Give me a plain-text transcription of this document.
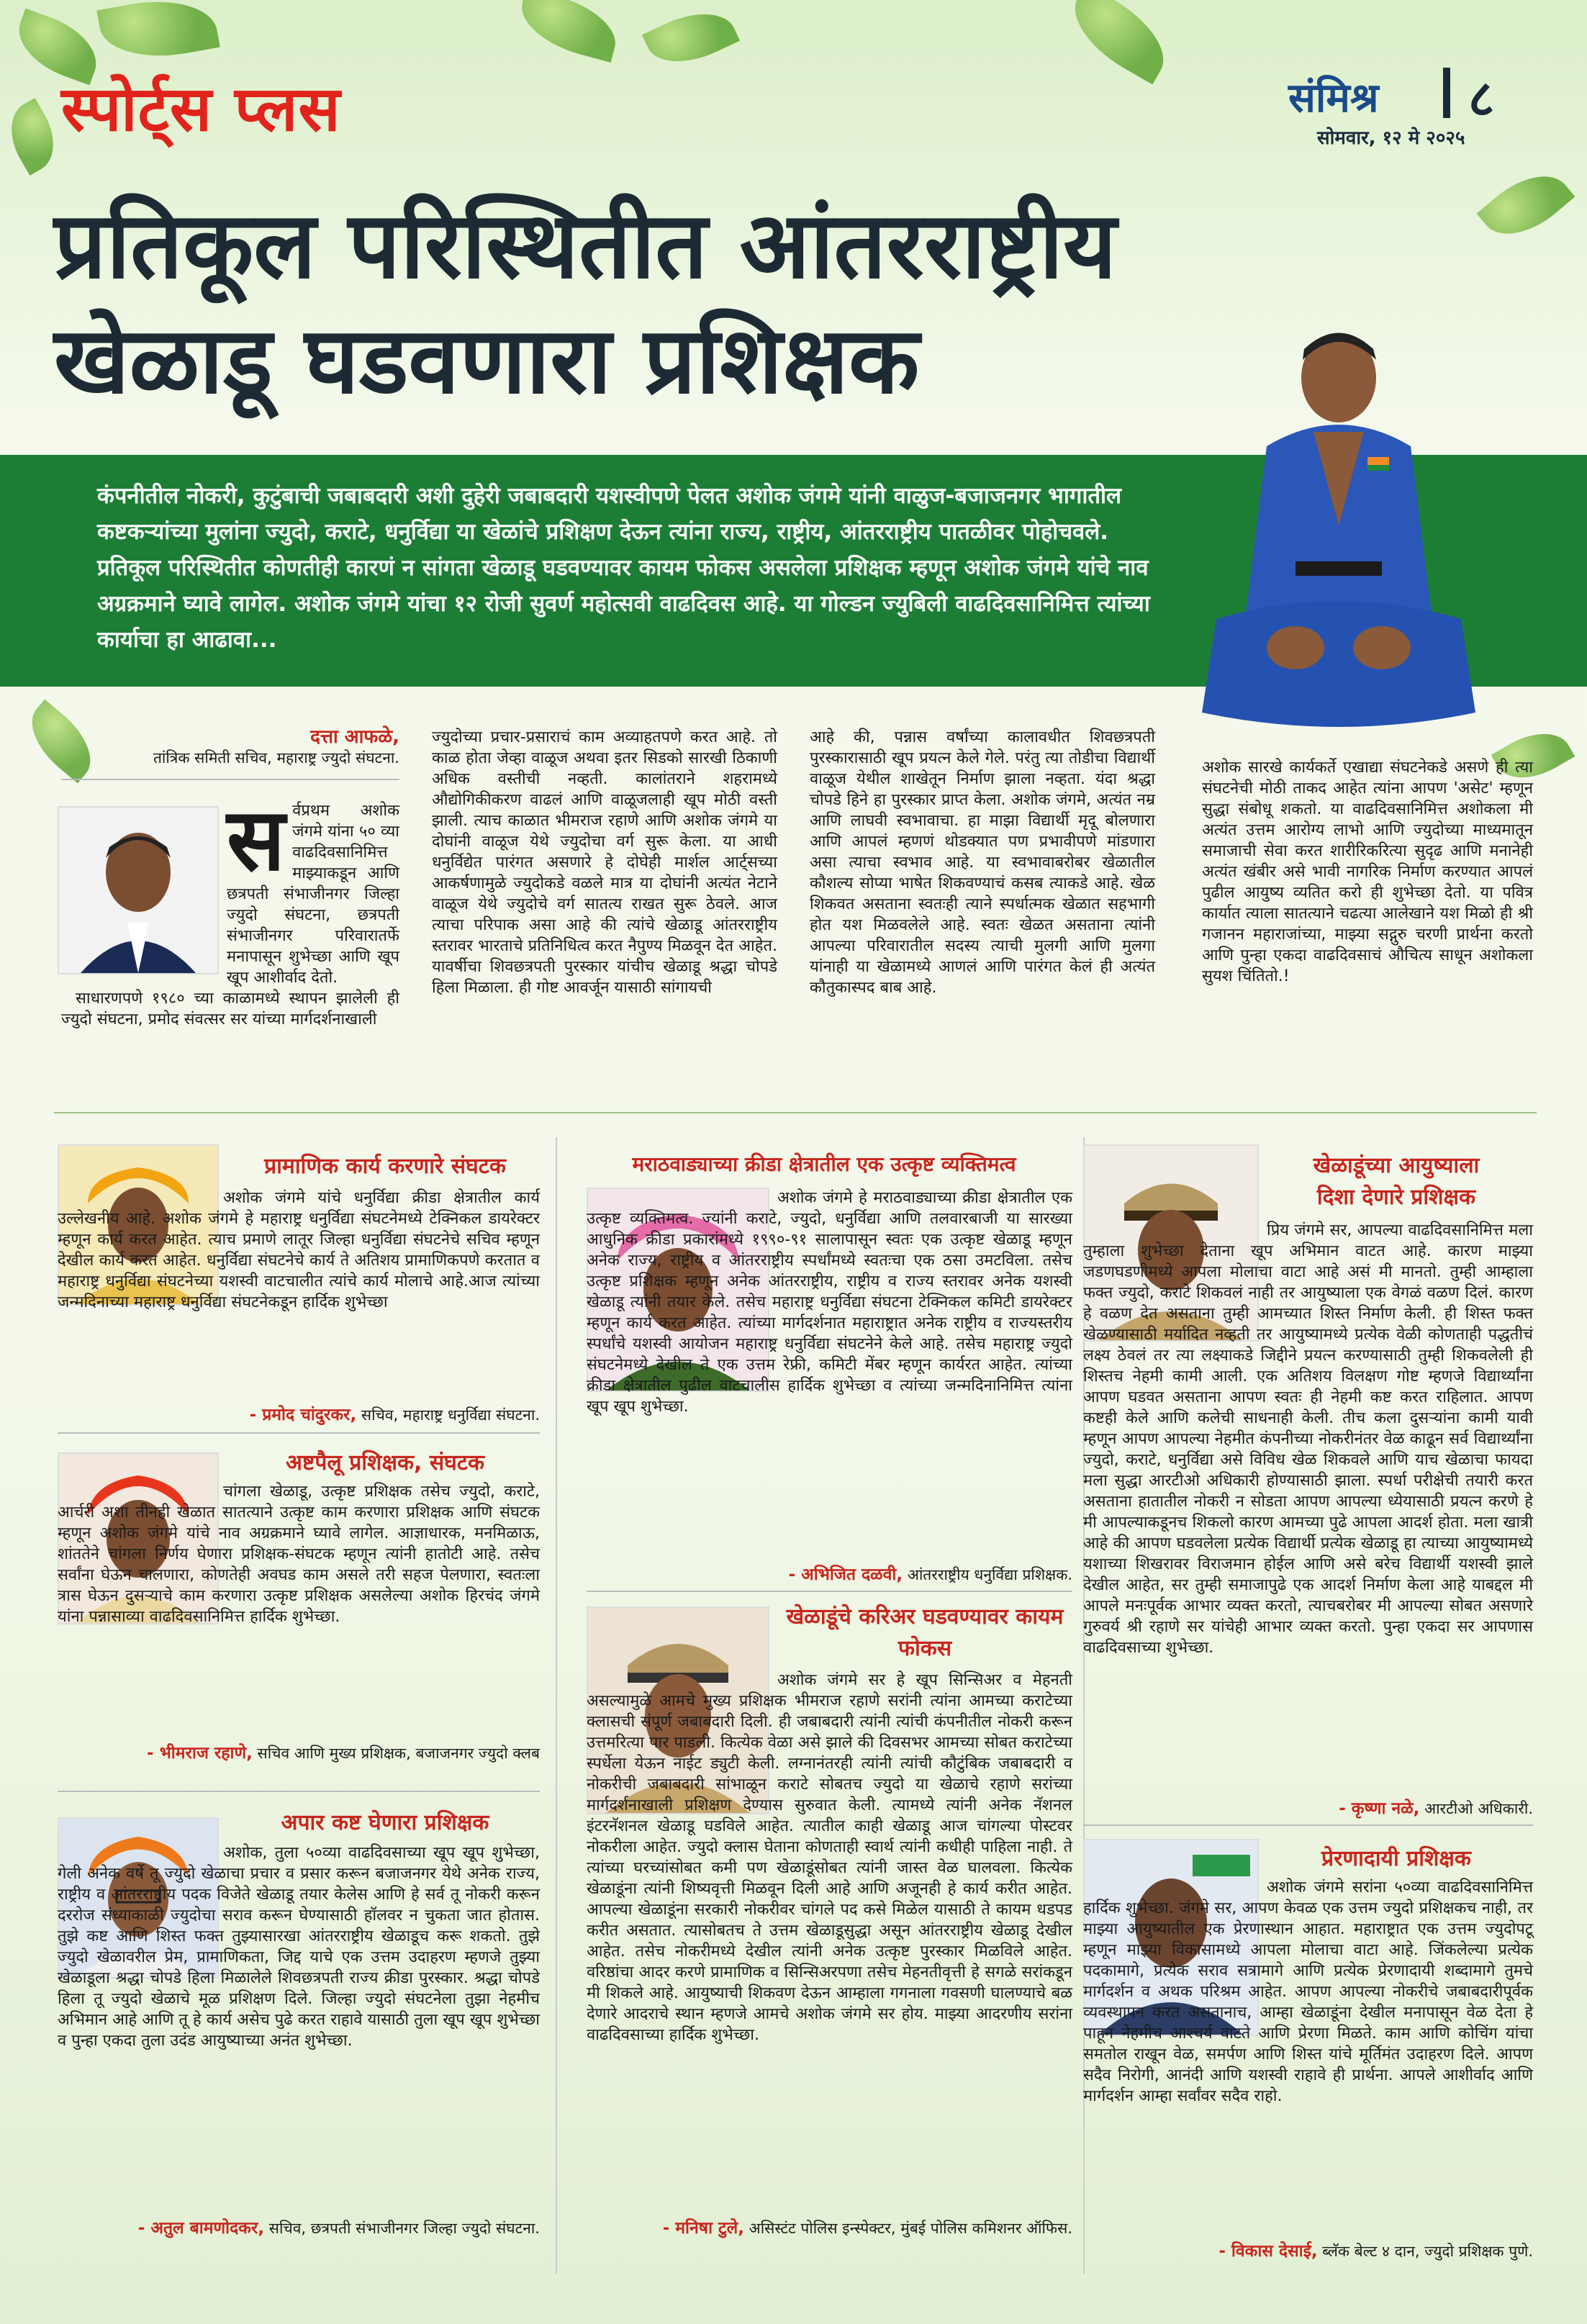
स्पोर्ट्स प्लस	संमिश्र ८
सोमवार, १२ मे २०२५
प्रतिकूल परिस्थितीत आंतरराष्ट्रीय
खेळाडू घडवणारा प्रशिक्षक
कंपनीतील नोकरी, कुटुंबाची जबाबदारी अशी दुहेरी जबाबदारी यशस्वीपणे पेलत अशोक जंगमे यांनी वाळुज-बजाजनगर भागातील कष्टकऱ्यांच्या मुलांना ज्युदो, कराटे, धनुर्विद्या या खेळांचे प्रशिक्षण देऊन त्यांना राज्य, राष्ट्रीय, आंतरराष्ट्रीय पातळीवर पोहोचवले. प्रतिकूल परिस्थितीत कोणतीही कारणं न सांगता खेळाडू घडवण्यावर कायम फोकस असलेला प्रशिक्षक म्हणून अशोक जंगमे यांचे नाव अग्रक्रमाने घ्यावे लागेल. अशोक जंगमे यांचा १२ रोजी सुवर्ण महोत्सवी वाढदिवस आहे. या गोल्डन ज्युबिली वाढदिवसानिमित्त त्यांच्या कार्याचा हा आढावा...
दत्ता आफळे,
तांत्रिक समिती सचिव, महाराष्ट्र ज्युदो संघटना.
स र्वप्रथम अशोक जंगमे यांना ५० व्या वाढदिवसानिमित्त माझ्याकडून आणि छत्रपती संभाजीनगर जिल्हा ज्युदो संघटना, छत्रपती संभाजीनगर परिवारातर्फे मनापासून शुभेच्छा आणि खूप खूप आशीर्वाद देतो.
साधारणपणे १९८० च्या काळामध्ये स्थापन झालेली ही ज्युदो संघटना, प्रमोद संवत्सर सर यांच्या मार्गदर्शनाखाली
ज्युदोच्या प्रचार-प्रसाराचं काम अव्याहतपणे करत आहे. तो काळ होता जेव्हा वाळूज अथवा इतर सिडको सारखी ठिकाणी अधिक वस्तीची नव्हती. कालांतराने शहरामध्ये औद्योगिकीकरण वाढलं आणि वाळूजलाही खूप मोठी वस्ती झाली. त्याच काळात भीमराज रहाणे आणि अशोक जंगमे या दोघांनी वाळूज येथे ज्युदोचा वर्ग सुरू केला. या आधी धनुर्विद्येत पारंगत असणारे हे दोघेही मार्शल आर्ट्सच्या आकर्षणामुळे ज्युदोकडे वळले मात्र या दोघांनी अत्यंत नेटाने वाळूज येथे ज्युदोचे वर्ग सातत्य राखत सुरू ठेवले. आज त्याचा परिपाक असा आहे की त्यांचे खेळाडू आंतरराष्ट्रीय स्तरावर भारताचे प्रतिनिधित्व करत नैपुण्य मिळवून देत आहेत. यावर्षीचा शिवछत्रपती पुरस्कार यांचीच खेळाडू श्रद्धा चोपडे हिला मिळाला. ही गोष्ट आवर्जून यासाठी सांगायची
आहे की, पन्नास वर्षांच्या कालावधीत शिवछत्रपती पुरस्कारासाठी खूप प्रयत्न केले गेले. परंतु त्या तोडीचा विद्यार्थी वाळूज येथील शाखेतून निर्माण झाला नव्हता. यंदा श्रद्धा चोपडे हिने हा पुरस्कार प्राप्त केला. अशोक जंगमे, अत्यंत नम्र आणि लाघवी स्वभावाचा. हा माझा विद्यार्थी मृदू बोलणारा आणि आपलं म्हणणं थोडक्यात पण प्रभावीपणे मांडणारा असा त्याचा स्वभाव आहे. या स्वभावाबरोबर खेळातील कौशल्य सोप्या भाषेत शिकवण्याचं कसब त्याकडे आहे. खेळ शिकवत असताना स्वतःही त्याने स्पर्धात्मक खेळात सहभागी होत यश मिळवलेले आहे. स्वतः खेळत असताना त्यांनी आपल्या परिवारातील सदस्य त्याची मुलगी आणि मुलगा यांनाही या खेळामध्ये आणलं आणि पारंगत केलं ही अत्यंत कौतुकास्पद बाब आहे.
अशोक सारखे कार्यकर्ते एखाद्या संघटनेकडे असणे ही त्या संघटनेची मोठी ताकद आहेत त्यांना आपण 'असेट' म्हणून सुद्धा संबोधू शकतो. या वाढदिवसानिमित्त अशोकला मी अत्यंत उत्तम आरोग्य लाभो आणि ज्युदोच्या माध्यमातून समाजाची सेवा करत शारीरिकरित्या सुदृढ आणि मनानेही अत्यंत खंबीर असे भावी नागरिक निर्माण करण्यात आपलं पुढील आयुष्य व्यतित करो ही शुभेच्छा देतो. या पवित्र कार्यात त्याला सातत्याने चढत्या आलेखाने यश मिळो ही श्री गजानन महाराजांच्या, माझ्या सद्गुरु चरणी प्रार्थना करतो आणि पुन्हा एकदा वाढदिवसाचं औचित्य साधून अशोकला सुयश चिंतितो.!
प्रामाणिक कार्य करणारे संघटक
अशोक जंगमे यांचे धनुर्विद्या क्रीडा क्षेत्रातील कार्य उल्लेखनीय आहे. अशोक जंगमे हे महाराष्ट्र धनुर्विद्या संघटनेमध्ये टेक्निकल डायरेक्टर म्हणून कार्य करत आहेत. त्याच प्रमाणे लातूर जिल्हा धनुर्विद्या संघटनेचे सचिव म्हणून देखील कार्य करत आहेत. धनुर्विद्या संघटनेचे कार्य ते अतिशय प्रामाणिकपणे करतात व महाराष्ट्र धनुर्विद्या संघटनेच्या यशस्वी वाटचालीत त्यांचे कार्य मोलाचे आहे.आज त्यांच्या जन्मदिनाच्या महाराष्ट्र धनुर्विद्या संघटनेकडून हार्दिक शुभेच्छा
- प्रमोद चांदुरकर, सचिव, महाराष्ट्र धनुर्विद्या संघटना.
अष्टपैलू प्रशिक्षक, संघटक
चांगला खेळाडू, उत्कृष्ट प्रशिक्षक तसेच ज्युदो, कराटे, आर्चरी अशा तीनही खेळात सातत्याने उत्कृष्ट काम करणारा प्रशिक्षक आणि संघटक म्हणून अशोक जंगमे यांचे नाव अग्रक्रमाने घ्यावे लागेल. आज्ञाधारक, मनमिळाऊ, शांततेने चांगला निर्णय घेणारा प्रशिक्षक-संघटक म्हणून त्यांनी हातोटी आहे. तसेच सर्वांना घेऊन चालणारा, कोणतेही अवघड काम असले तरी सहज पेलणारा, स्वतःला त्रास घेऊन दुसऱ्याचे काम करणारा उत्कृष्ट प्रशिक्षक असलेल्या अशोक हिरचंद जंगमे यांना पन्नासाव्या वाढदिवसानिमित्त हार्दिक शुभेच्छा.
- भीमराज रहाणे, सचिव आणि मुख्य प्रशिक्षक, बजाजनगर ज्युदो क्लब
अपार कष्ट घेणारा प्रशिक्षक
अशोक, तुला ५०व्या वाढदिवसाच्या खूप खूप शुभेच्छा, गेली अनेक वर्षे तू ज्युदो खेळाचा प्रचार व प्रसार करून बजाजनगर येथे अनेक राज्य, राष्ट्रीय व आंतरराष्ट्रीय पदक विजेते खेळाडू तयार केलेस आणि हे सर्व तू नोकरी करून दररोज संध्याकाळी ज्युदोचा सराव करून घेण्यासाठी हॉलवर न चुकता जात होतास. तुझे कष्ट आणि शिस्त फक्त तुझ्यासारखा आंतरराष्ट्रीय खेळाडूच करू शकतो. तुझे ज्युदो खेळावरील प्रेम, प्रामाणिकता, जिद्द याचे एक उत्तम उदाहरण म्हणजे तुझ्या खेळाडूला श्रद्धा चोपडे हिला मिळालेले शिवछत्रपती राज्य क्रीडा पुरस्कार. श्रद्धा चोपडे हिला तू ज्युदो खेळाचे मूळ प्रशिक्षण दिले. जिल्हा ज्युदो संघटनेला तुझा नेहमीच अभिमान आहे आणि तू हे कार्य असेच पुढे करत राहावे यासाठी तुला खूप खूप शुभेच्छा व पुन्हा एकदा तुला उदंड आयुष्याच्या अनंत शुभेच्छा.
- अतुल बामणोदकर, सचिव, छत्रपती संभाजीनगर जिल्हा ज्युदो संघटना.
मराठवाड्याच्या क्रीडा क्षेत्रातील एक उत्कृष्ट व्यक्तिमत्व
अशोक जंगमे हे मराठवाड्याच्या क्रीडा क्षेत्रातील एक उत्कृष्ट व्यक्तिमत्व. ज्यांनी कराटे, ज्युदो, धनुर्विद्या आणि तलवारबाजी या सारख्या आधुनिक क्रीडा प्रकारांमध्ये १९९०-९१ सालापासून स्वतः एक उत्कृष्ट खेळाडू म्हणून अनेक राज्य, राष्ट्रीय व आंतरराष्ट्रीय स्पर्धांमध्ये स्वतःचा एक ठसा उमटविला. तसेच उत्कृष्ट प्रशिक्षक म्हणून अनेक आंतरराष्ट्रीय, राष्ट्रीय व राज्य स्तरावर अनेक यशस्वी खेळाडू त्यांनी तयार केले. तसेच महाराष्ट्र धनुर्विद्या संघटना टेक्निकल कमिटी डायरेक्टर म्हणून कार्य करत आहेत. त्यांच्या मार्गदर्शनात महाराष्ट्रात अनेक राष्ट्रीय व राज्यस्तरीय स्पर्धांचे यशस्वी आयोजन महाराष्ट्र धनुर्विद्या संघटनेने केले आहे. तसेच महाराष्ट्र ज्युदो संघटनेमध्ये देखील ते एक उत्तम रेफ्री, कमिटी मेंबर म्हणून कार्यरत आहेत. त्यांच्या क्रीडा क्षेत्रातील पुढील वाटचालीस हार्दिक शुभेच्छा व त्यांच्या जन्मदिनानिमित्त त्यांना खूप खूप शुभेच्छा.
- अभिजित दळवी, आंतरराष्ट्रीय धनुर्विद्या प्रशिक्षक.
खेळाडूंचे करिअर घडवण्यावर कायम फोकस
अशोक जंगमे सर हे खूप सिन्सिअर व मेहनती असल्यामुळे आमचे मुख्य प्रशिक्षक भीमराज रहाणे सरांनी त्यांना आमच्या कराटेच्या क्लासची संपूर्ण जबाबदारी दिली. ही जबाबदारी त्यांनी त्यांची कंपनीतील नोकरी करून उत्तमरित्या पार पाडली. कित्येक वेळा असे झाले की दिवसभर आमच्या सोबत कराटेच्या स्पर्धेला येऊन नाईट ड्युटी केली. लग्नानंतरही त्यांनी त्यांची कौटुंबिक जबाबदारी व नोकरीची जबाबदारी सांभाळून कराटे सोबतच ज्युदो या खेळाचे रहाणे सरांच्या मार्गदर्शनाखाली प्रशिक्षण देण्यास सुरुवात केली. त्यामध्ये त्यांनी अनेक नॅशनल इंटरनॅशनल खेळाडू घडविले आहेत. त्यातील काही खेळाडू आज चांगल्या पोस्टवर नोकरीला आहेत. ज्युदो क्लास घेताना कोणताही स्वार्थ त्यांनी कधीही पाहिला नाही. ते त्यांच्या घरच्यांसोबत कमी पण खेळाडूंसोबत त्यांनी जास्त वेळ घालवला. कित्येक खेळाडूंना त्यांनी शिष्यवृत्ती मिळवून दिली आहे आणि अजूनही हे कार्य करीत आहेत. आपल्या खेळाडूंना सरकारी नोकरीवर चांगले पद कसे मिळेल यासाठी ते कायम धडपड करीत असतात. त्यासोबतच ते उत्तम खेळाडूसुद्धा असून आंतरराष्ट्रीय खेळाडू देखील आहेत. तसेच नोकरीमध्ये देखील त्यांनी अनेक उत्कृष्ट पुरस्कार मिळविले आहेत. वरिष्ठांचा आदर करणे प्रामाणिक व सिन्सिअरपणा तसेच मेहनतीवृत्ती हे सगळे सरांकडून मी शिकले आहे. आयुष्याची शिकवण देऊन आम्हाला गगनाला गवसणी घालण्याचे बळ देणारे आदराचे स्थान म्हणजे आमचे अशोक जंगमे सर होय. माझ्या आदरणीय सरांना वाढदिवसाच्या हार्दिक शुभेच्छा.
- मनिषा टुले, असिस्टंट पोलिस इन्स्पेक्टर, मुंबई पोलिस कमिशनर ऑफिस.
खेळाडूंच्या आयुष्याला
दिशा देणारे प्रशिक्षक
प्रिय जंगमे सर, आपल्या वाढदिवसानिमित्त मला तुम्हाला शुभेच्छा देताना खूप अभिमान वाटत आहे. कारण माझ्या जडणघडणीमध्ये आपला मोलाचा वाटा आहे असं मी मानतो. तुम्ही आम्हाला फक्त ज्युदो, कराटे शिकवलं नाही तर आयुष्याला एक वेगळं वळण दिलं. कारण हे वळण देत असताना तुम्ही आमच्यात शिस्त निर्माण केली. ही शिस्त फक्त खेळण्यासाठी मर्यादित नव्हती तर आयुष्यामध्ये प्रत्येक वेळी कोणताही पद्धतीचं लक्ष्य ठेवलं तर त्या लक्ष्याकडे जिद्दीने प्रयत्न करण्यासाठी तुम्ही शिकवलेली ही शिस्तच नेहमी कामी आली. एक अतिशय विलक्षण गोष्ट म्हणजे विद्यार्थ्यांना आपण घडवत असताना आपण स्वतः ही नेहमी कष्ट करत राहिलात. आपण कष्टही केले आणि कलेची साधनाही केली. तीच कला दुसऱ्यांना कामी यावी म्हणून आपण आपल्या नेहमीत कंपनीच्या नोकरीनंतर वेळ काढून सर्व विद्यार्थ्यांना ज्युदो, कराटे, धनुर्विद्या असे विविध खेळ शिकवले आणि याच खेळाचा फायदा मला सुद्धा आरटीओ अधिकारी होण्यासाठी झाला. स्पर्धा परीक्षेची तयारी करत असताना हातातील नोकरी न सोडता आपण आपल्या ध्येयासाठी प्रयत्न करणे हे मी आपल्याकडूनच शिकलो कारण आमच्या पुढे आपला आदर्श होता. मला खात्री आहे की आपण घडवलेला प्रत्येक विद्यार्थी प्रत्येक खेळाडू हा त्याच्या आयुष्यामध्ये यशाच्या शिखरावर विराजमान होईल आणि असे बरेच विद्यार्थी यशस्वी झाले देखील आहेत, सर तुम्ही समाजापुढे एक आदर्श निर्माण केला आहे याबद्दल मी आपले मनःपूर्वक आभार व्यक्त करतो, त्याचबरोबर मी आपल्या सोबत असणारे गुरुवर्य श्री रहाणे सर यांचेही आभार व्यक्त करतो. पुन्हा एकदा सर आपणास वाढदिवसाच्या शुभेच्छा.
- कृष्णा नळे, आरटीओ अधिकारी.
प्रेरणादायी प्रशिक्षक
अशोक जंगमे सरांना ५०व्या वाढदिवसानिमित्त हार्दिक शुभेच्छा. जंगमे सर, आपण केवळ एक उत्तम ज्युदो प्रशिक्षकच नाही, तर माझ्या आयुष्यातील एक प्रेरणास्थान आहात. महाराष्ट्रात एक उत्तम ज्युदोपटू म्हणून माझ्या विकासामध्ये आपला मोलाचा वाटा आहे. जिंकलेल्या प्रत्येक पदकामागे, प्रत्येक सराव सत्रामागे आणि प्रत्येक प्रेरणादायी शब्दामागे तुमचे मार्गदर्शन व अथक परिश्रम आहेत. आपण आपल्या नोकरीचे जबाबदारीपूर्वक व्यवस्थापन करत असतानाच, आम्हा खेळाडूंना देखील मनापासून वेळ देता हे पाहून नेहमीच आश्चर्य वाटते आणि प्रेरणा मिळते. काम आणि कोचिंग यांचा समतोल राखून वेळ, समर्पण आणि शिस्त यांचे मूर्तिमंत उदाहरण दिले. आपण सदैव निरोगी, आनंदी आणि यशस्वी राहावे ही प्रार्थना. आपले आशीर्वाद आणि मार्गदर्शन आम्हा सर्वांवर सदैव राहो.
- विकास देसाई, ब्लॅक बेल्ट ४ दान, ज्युदो प्रशिक्षक पुणे.
